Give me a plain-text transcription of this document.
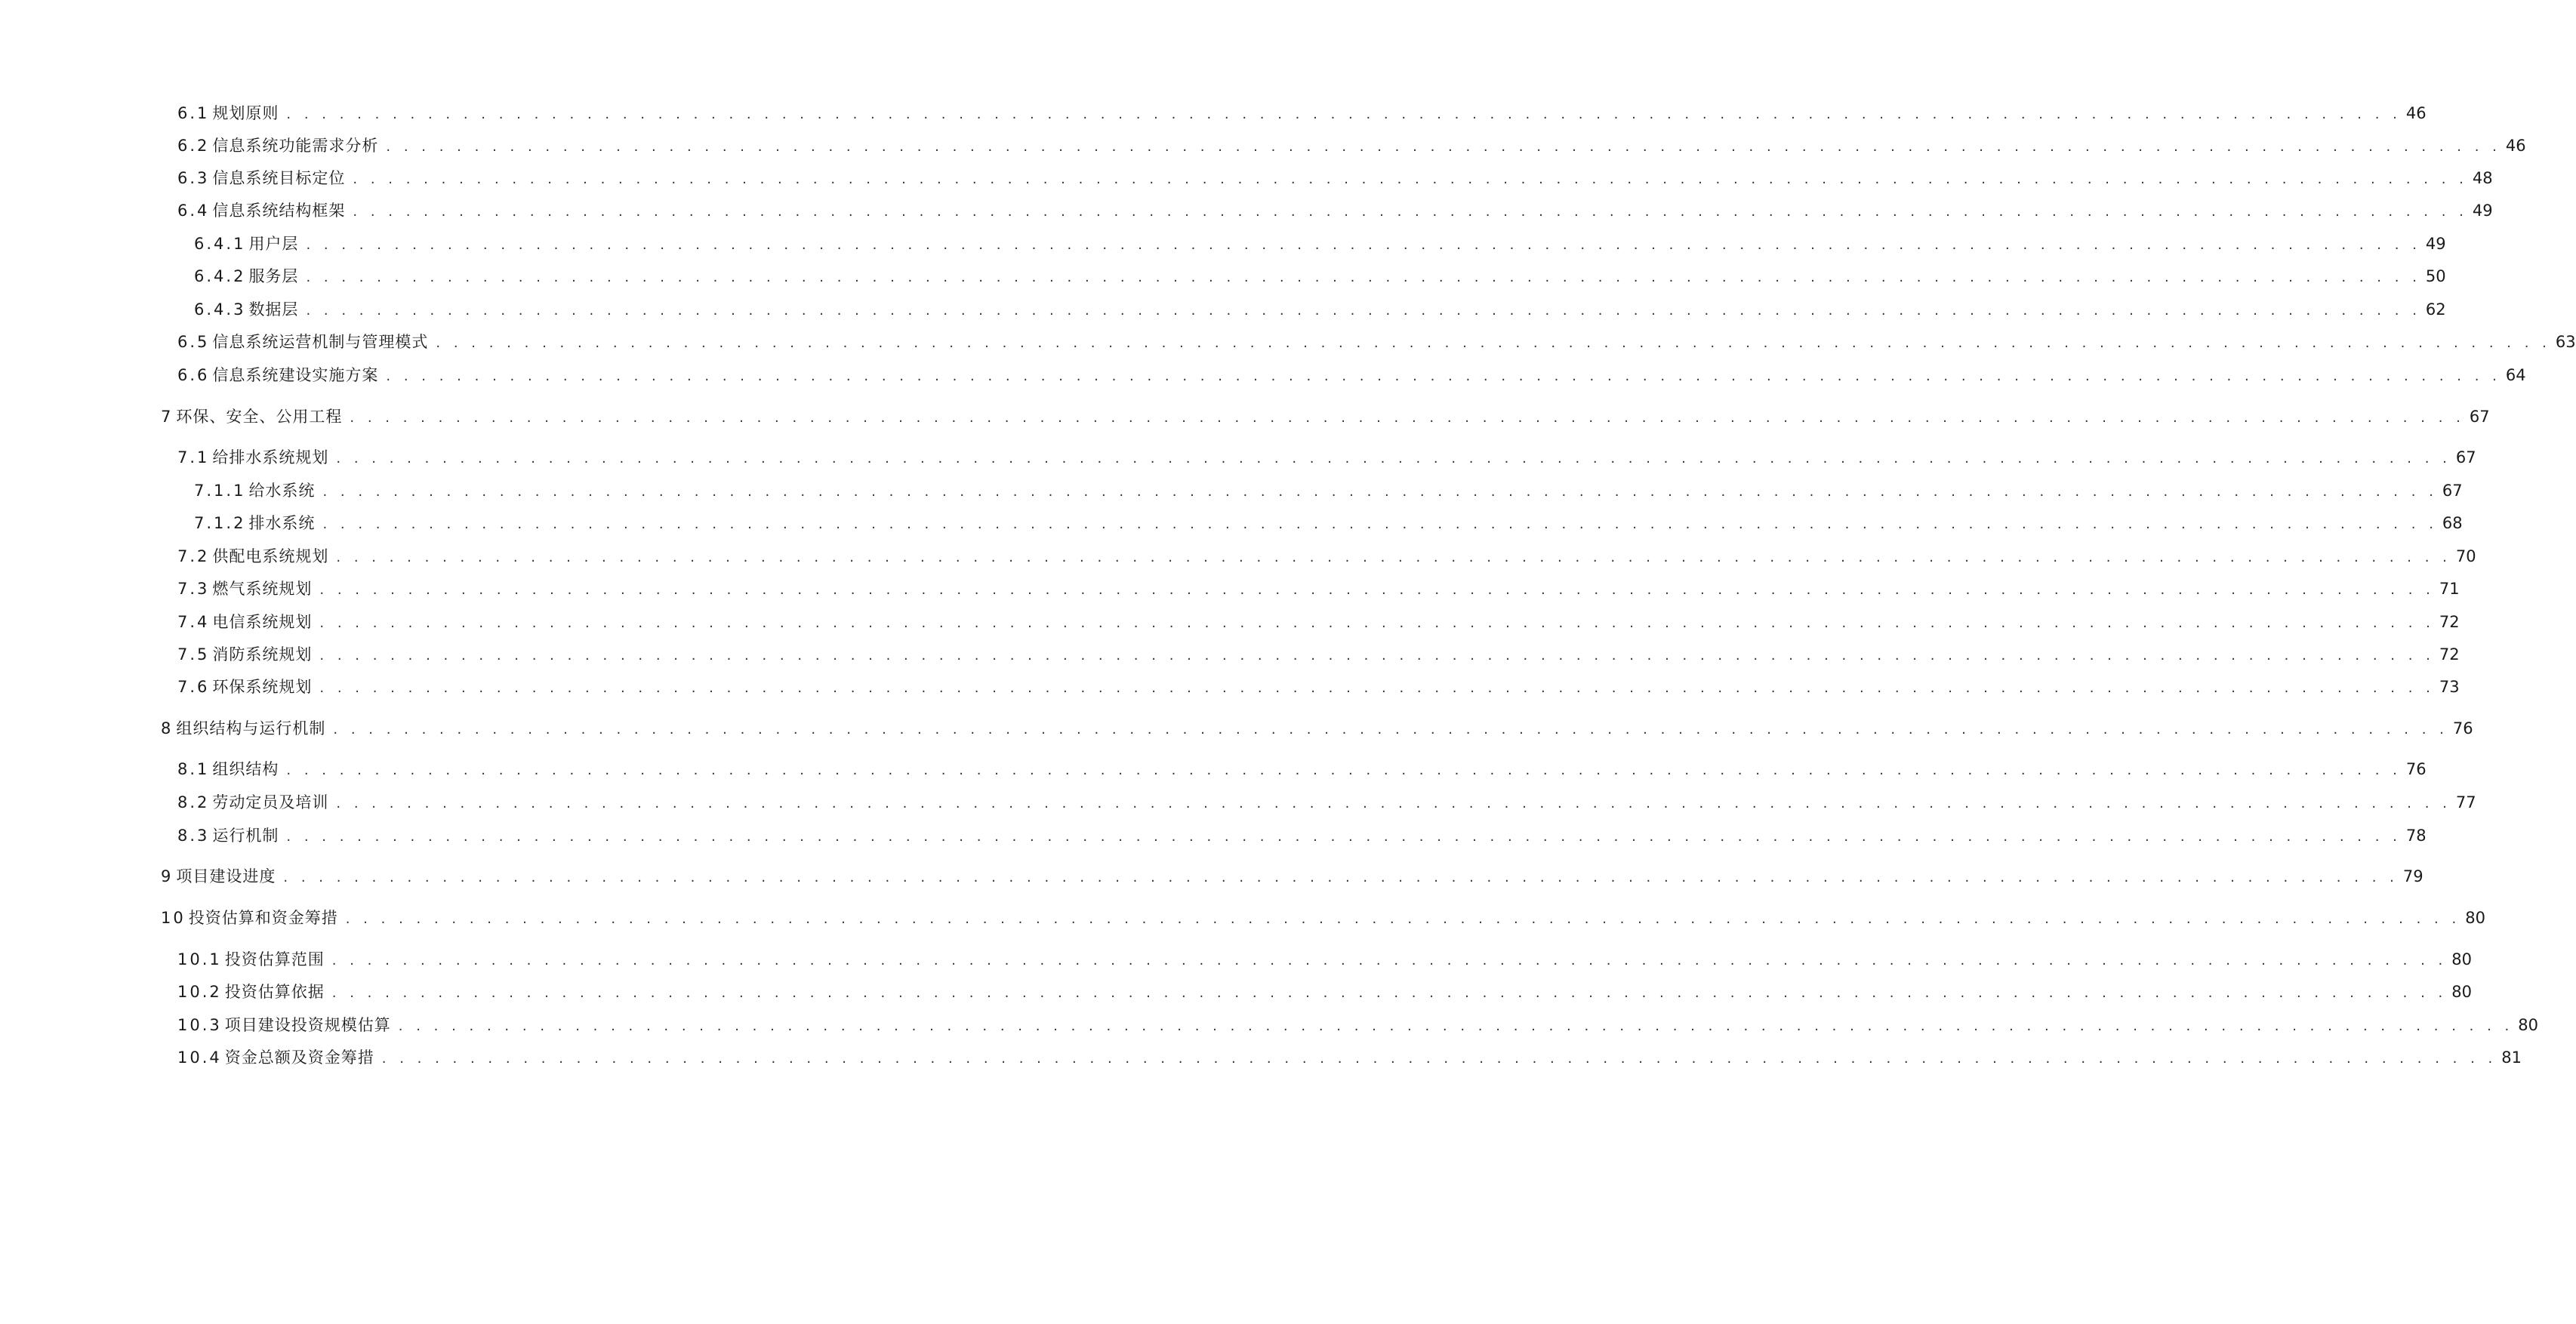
6.1 规划原则 . . . . . . . . . . . . . . . . . . . . . . . . . . . . . . . . . . . . . . . . . . . . . . . . . . . . . . . . . . . . . . . . . . . . . . . . . . . . . . . . . . . . . . . . . . . . . . . . . . . . . . . . . . . . . . . . . . . . . . . . 46
6.2 信息系统功能需求分析 . . . . . . . . . . . . . . . . . . . . . . . . . . . . . . . . . . . . . . . . . . . . . . . . . . . . . . . . . . . . . . . . . . . . . . . . . . . . . . . . . . . . . . . . . . . . . . . . . . . . . . . . . . . . . . . . . . . . . . . . 46
6.3 信息系统目标定位 . . . . . . . . . . . . . . . . . . . . . . . . . . . . . . . . . . . . . . . . . . . . . . . . . . . . . . . . . . . . . . . . . . . . . . . . . . . . . . . . . . . . . . . . . . . . . . . . . . . . . . . . . . . . . . . . . . . . . . . . 48
6.4 信息系统结构框架 . . . . . . . . . . . . . . . . . . . . . . . . . . . . . . . . . . . . . . . . . . . . . . . . . . . . . . . . . . . . . . . . . . . . . . . . . . . . . . . . . . . . . . . . . . . . . . . . . . . . . . . . . . . . . . . . . . . . . . . . 49
6.4.1 用户层 . . . . . . . . . . . . . . . . . . . . . . . . . . . . . . . . . . . . . . . . . . . . . . . . . . . . . . . . . . . . . . . . . . . . . . . . . . . . . . . . . . . . . . . . . . . . . . . . . . . . . . . . . . . . . . . . . . . . . . . . 49
6.4.2 服务层 . . . . . . . . . . . . . . . . . . . . . . . . . . . . . . . . . . . . . . . . . . . . . . . . . . . . . . . . . . . . . . . . . . . . . . . . . . . . . . . . . . . . . . . . . . . . . . . . . . . . . . . . . . . . . . . . . . . . . . . . 50
6.4.3 数据层 . . . . . . . . . . . . . . . . . . . . . . . . . . . . . . . . . . . . . . . . . . . . . . . . . . . . . . . . . . . . . . . . . . . . . . . . . . . . . . . . . . . . . . . . . . . . . . . . . . . . . . . . . . . . . . . . . . . . . . . . 62
6.5 信息系统运营机制与管理模式 . . . . . . . . . . . . . . . . . . . . . . . . . . . . . . . . . . . . . . . . . . . . . . . . . . . . . . . . . . . . . . . . . . . . . . . . . . . . . . . . . . . . . . . . . . . . . . . . . . . . . . . . . . . . . . . . . . . . . . . . 63
6.6 信息系统建设实施方案 . . . . . . . . . . . . . . . . . . . . . . . . . . . . . . . . . . . . . . . . . . . . . . . . . . . . . . . . . . . . . . . . . . . . . . . . . . . . . . . . . . . . . . . . . . . . . . . . . . . . . . . . . . . . . . . . . . . . . . . . 64
7 环保、安全、公用工程 . . . . . . . . . . . . . . . . . . . . . . . . . . . . . . . . . . . . . . . . . . . . . . . . . . . . . . . . . . . . . . . . . . . . . . . . . . . . . . . . . . . . . . . . . . . . . . . . . . . . . . . . . . . . . . . . . . . . . . . . 67
7.1 给排水系统规划 . . . . . . . . . . . . . . . . . . . . . . . . . . . . . . . . . . . . . . . . . . . . . . . . . . . . . . . . . . . . . . . . . . . . . . . . . . . . . . . . . . . . . . . . . . . . . . . . . . . . . . . . . . . . . . . . . . . . . . . . 67
7.1.1 给水系统 . . . . . . . . . . . . . . . . . . . . . . . . . . . . . . . . . . . . . . . . . . . . . . . . . . . . . . . . . . . . . . . . . . . . . . . . . . . . . . . . . . . . . . . . . . . . . . . . . . . . . . . . . . . . . . . . . . . . . . . . 67
7.1.2 排水系统 . . . . . . . . . . . . . . . . . . . . . . . . . . . . . . . . . . . . . . . . . . . . . . . . . . . . . . . . . . . . . . . . . . . . . . . . . . . . . . . . . . . . . . . . . . . . . . . . . . . . . . . . . . . . . . . . . . . . . . . . 68
7.2 供配电系统规划 . . . . . . . . . . . . . . . . . . . . . . . . . . . . . . . . . . . . . . . . . . . . . . . . . . . . . . . . . . . . . . . . . . . . . . . . . . . . . . . . . . . . . . . . . . . . . . . . . . . . . . . . . . . . . . . . . . . . . . . . 70
7.3 燃气系统规划 . . . . . . . . . . . . . . . . . . . . . . . . . . . . . . . . . . . . . . . . . . . . . . . . . . . . . . . . . . . . . . . . . . . . . . . . . . . . . . . . . . . . . . . . . . . . . . . . . . . . . . . . . . . . . . . . . . . . . . . . 71
7.4 电信系统规划 . . . . . . . . . . . . . . . . . . . . . . . . . . . . . . . . . . . . . . . . . . . . . . . . . . . . . . . . . . . . . . . . . . . . . . . . . . . . . . . . . . . . . . . . . . . . . . . . . . . . . . . . . . . . . . . . . . . . . . . . 72
7.5 消防系统规划 . . . . . . . . . . . . . . . . . . . . . . . . . . . . . . . . . . . . . . . . . . . . . . . . . . . . . . . . . . . . . . . . . . . . . . . . . . . . . . . . . . . . . . . . . . . . . . . . . . . . . . . . . . . . . . . . . . . . . . . . 72
7.6 环保系统规划 . . . . . . . . . . . . . . . . . . . . . . . . . . . . . . . . . . . . . . . . . . . . . . . . . . . . . . . . . . . . . . . . . . . . . . . . . . . . . . . . . . . . . . . . . . . . . . . . . . . . . . . . . . . . . . . . . . . . . . . . 73
8 组织结构与运行机制 . . . . . . . . . . . . . . . . . . . . . . . . . . . . . . . . . . . . . . . . . . . . . . . . . . . . . . . . . . . . . . . . . . . . . . . . . . . . . . . . . . . . . . . . . . . . . . . . . . . . . . . . . . . . . . . . . . . . . . . . 76
8.1 组织结构 . . . . . . . . . . . . . . . . . . . . . . . . . . . . . . . . . . . . . . . . . . . . . . . . . . . . . . . . . . . . . . . . . . . . . . . . . . . . . . . . . . . . . . . . . . . . . . . . . . . . . . . . . . . . . . . . . . . . . . . . 76
8.2 劳动定员及培训 . . . . . . . . . . . . . . . . . . . . . . . . . . . . . . . . . . . . . . . . . . . . . . . . . . . . . . . . . . . . . . . . . . . . . . . . . . . . . . . . . . . . . . . . . . . . . . . . . . . . . . . . . . . . . . . . . . . . . . . . 77
8.3 运行机制 . . . . . . . . . . . . . . . . . . . . . . . . . . . . . . . . . . . . . . . . . . . . . . . . . . . . . . . . . . . . . . . . . . . . . . . . . . . . . . . . . . . . . . . . . . . . . . . . . . . . . . . . . . . . . . . . . . . . . . . . 78
9 项目建设进度 . . . . . . . . . . . . . . . . . . . . . . . . . . . . . . . . . . . . . . . . . . . . . . . . . . . . . . . . . . . . . . . . . . . . . . . . . . . . . . . . . . . . . . . . . . . . . . . . . . . . . . . . . . . . . . . . . . . . . . . . 79
10 投资估算和资金筹措 . . . . . . . . . . . . . . . . . . . . . . . . . . . . . . . . . . . . . . . . . . . . . . . . . . . . . . . . . . . . . . . . . . . . . . . . . . . . . . . . . . . . . . . . . . . . . . . . . . . . . . . . . . . . . . . . . . . . . . . . 80
10.1 投资估算范围 . . . . . . . . . . . . . . . . . . . . . . . . . . . . . . . . . . . . . . . . . . . . . . . . . . . . . . . . . . . . . . . . . . . . . . . . . . . . . . . . . . . . . . . . . . . . . . . . . . . . . . . . . . . . . . . . . . . . . . . . 80
10.2 投资估算依据 . . . . . . . . . . . . . . . . . . . . . . . . . . . . . . . . . . . . . . . . . . . . . . . . . . . . . . . . . . . . . . . . . . . . . . . . . . . . . . . . . . . . . . . . . . . . . . . . . . . . . . . . . . . . . . . . . . . . . . . . 80
10.3 项目建设投资规模估算 . . . . . . . . . . . . . . . . . . . . . . . . . . . . . . . . . . . . . . . . . . . . . . . . . . . . . . . . . . . . . . . . . . . . . . . . . . . . . . . . . . . . . . . . . . . . . . . . . . . . . . . . . . . . . . . . . . . . . . . . 80
10.4 资金总额及资金筹措 . . . . . . . . . . . . . . . . . . . . . . . . . . . . . . . . . . . . . . . . . . . . . . . . . . . . . . . . . . . . . . . . . . . . . . . . . . . . . . . . . . . . . . . . . . . . . . . . . . . . . . . . . . . . . . . . . . . . . . . . 81
